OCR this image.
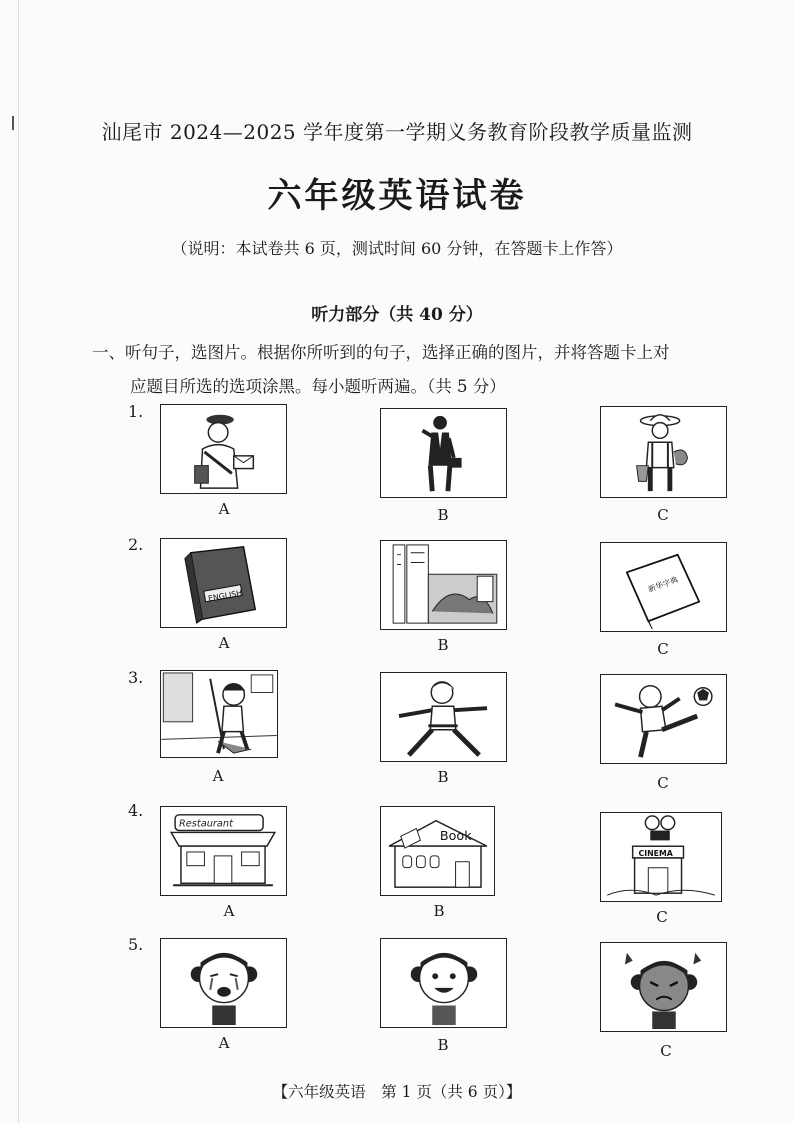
汕尾市 2024—2025 学年度第一学期义务教育阶段教学质量监测
六年级英语试卷
（说明：本试卷共 6 页，测试时间 60 分钟，在答题卡上作答）
听力部分（共 40 分）
一、听句子，选图片。根据你所听到的句子，选择正确的图片，并将答题卡上对
应题目所选的选项涂黑。每小题听两遍。（共 5 分）
1.
A	B	C
2.
ENGLISH
A	B
新华字典
C
3.
A	B	C
4.
Restaurant
A
Book
B
CINEMA
C
5.
A	B	C
【六年级英语　第 1 页（共 6 页）】
